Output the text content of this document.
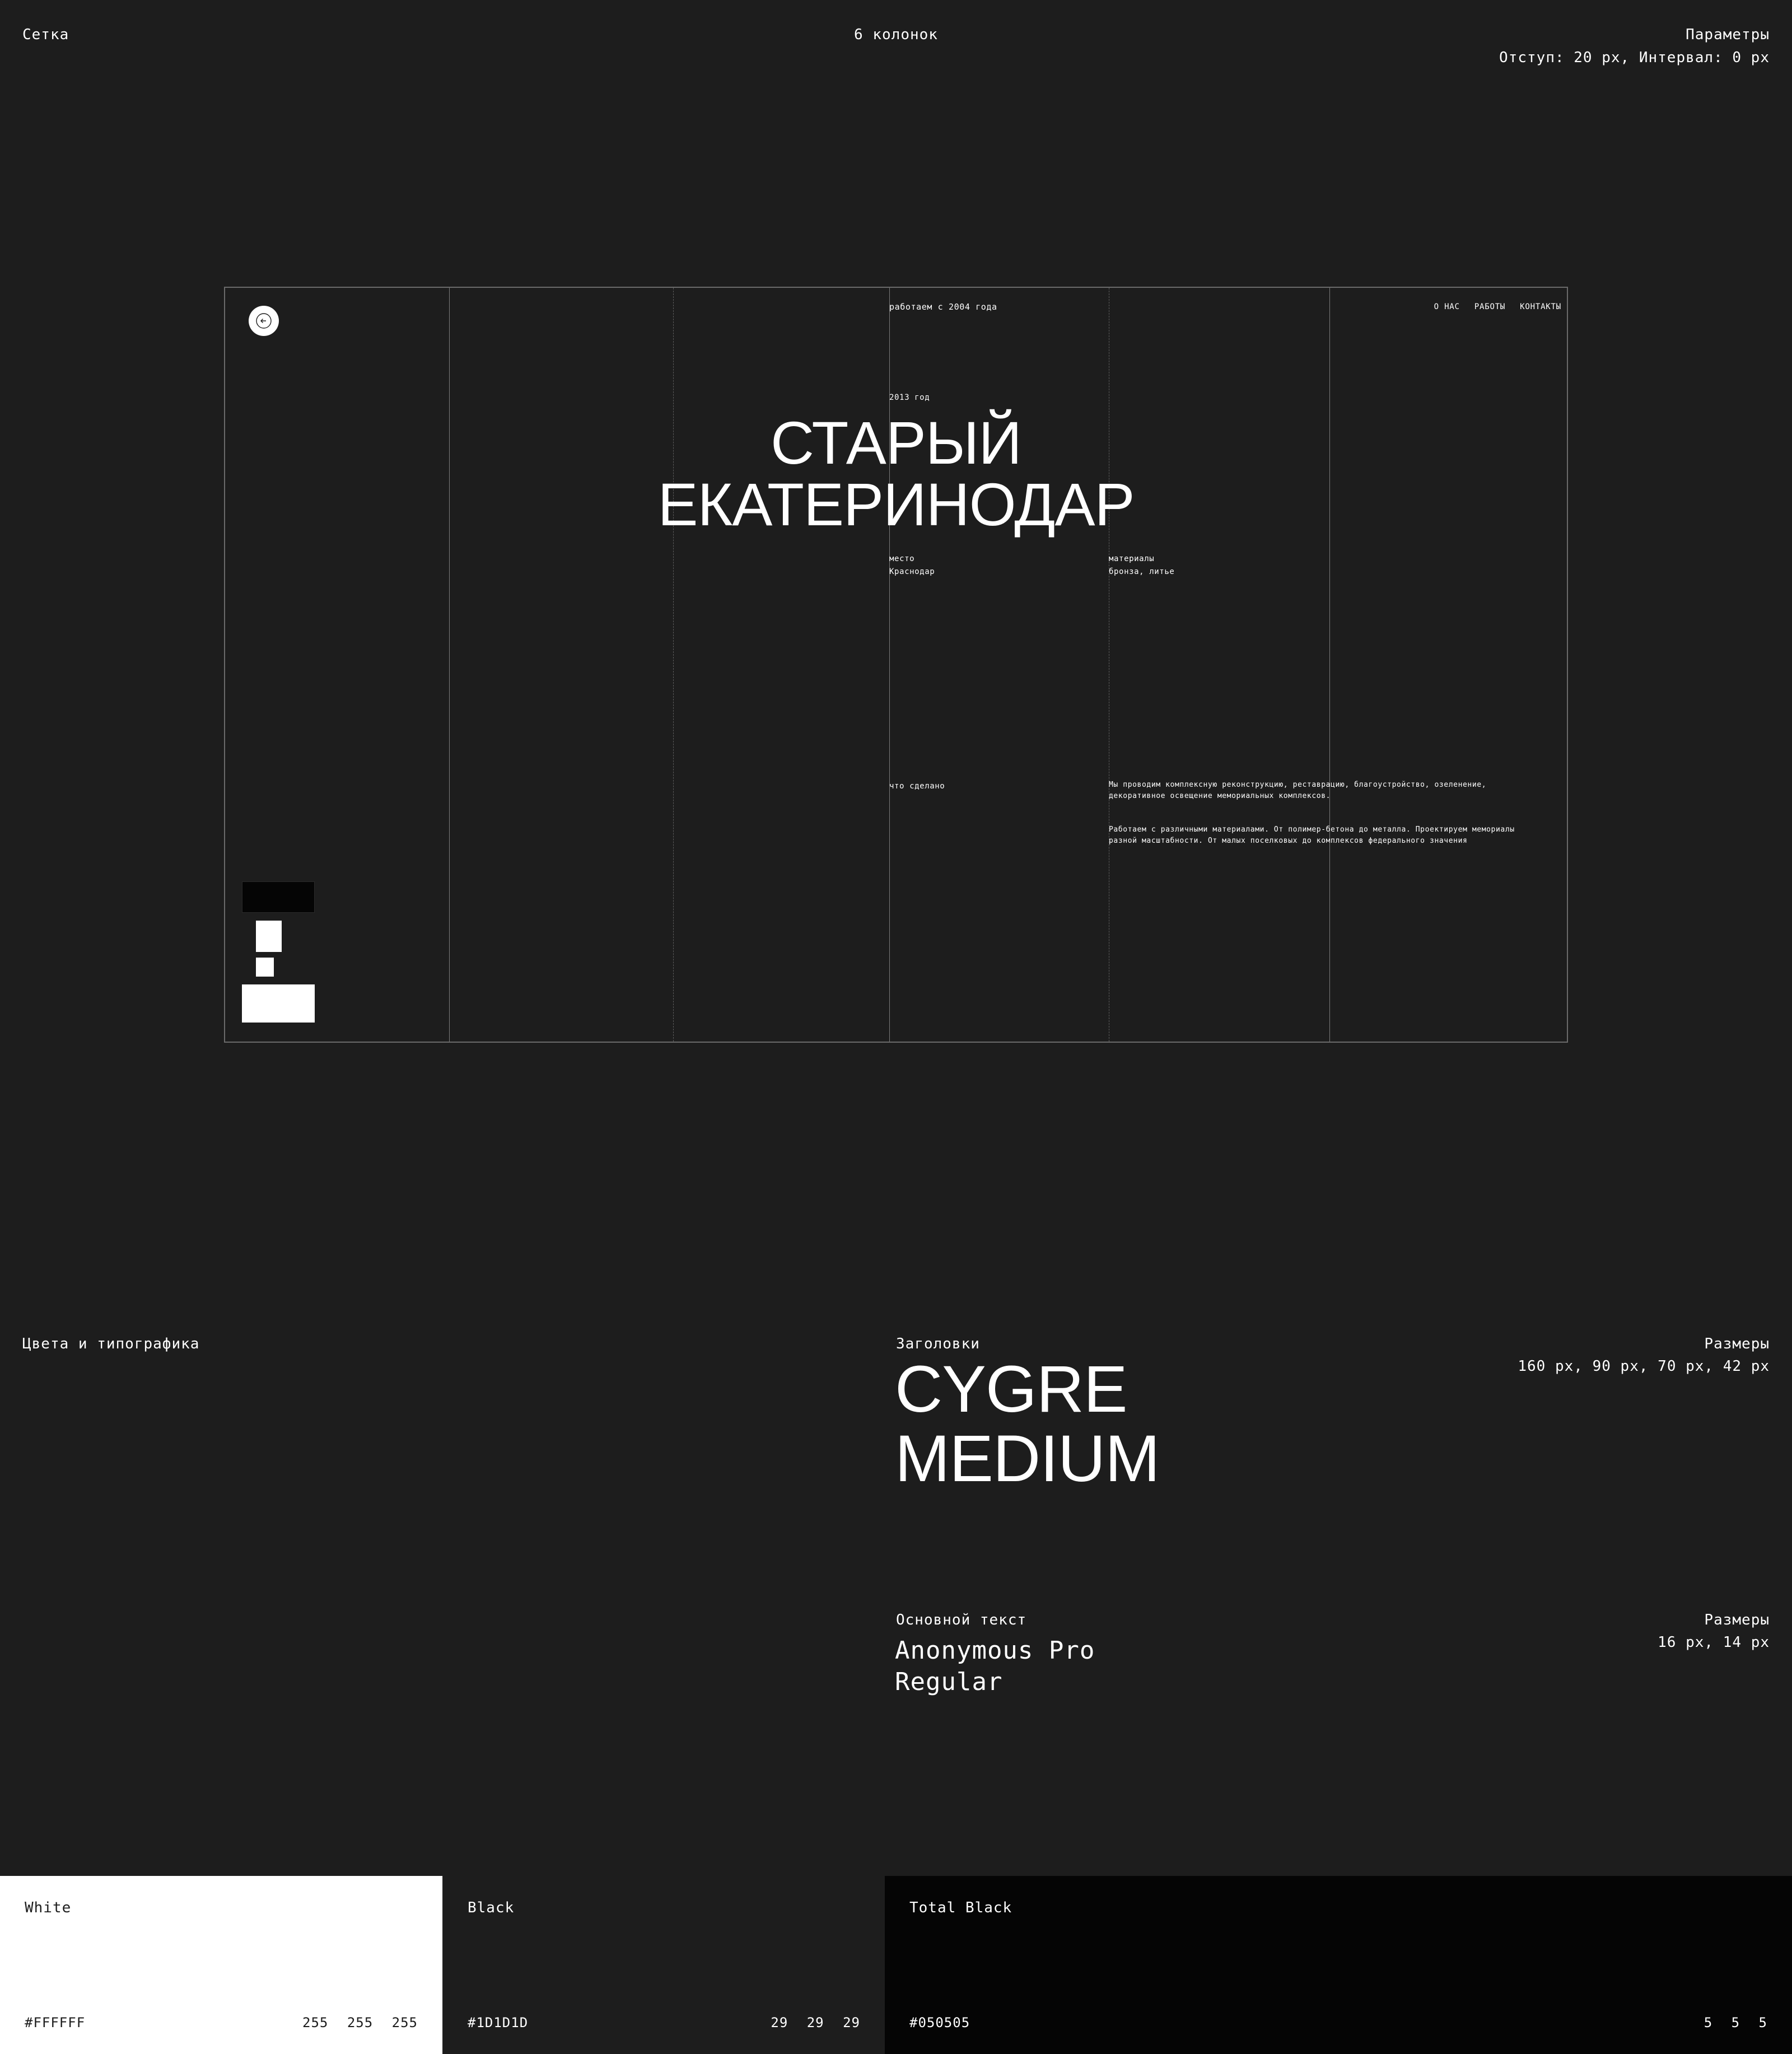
Сетка	6 колонок	Параметры
Отступ: 20 px, Интервал: 0 px
работаем с 2004 года	О НАС РАБОТЫ КОНТАКТЫ
2013 год
СТАРЫЙ
ЕКАТЕРИНОДАР
место
Краснодар
материалы
бронза, литье
что сделано	Мы проводим комплексную реконструкцию, реставрацию, благоустройство, озеленение, декоративное освещение мемориальных комплексов.
Работаем с различными материалами. От полимер-бетона до металла. Проектируем мемориалы разной масштабности. От малых поселковых до комплексов федерального значения
Цвета и типографика	Заголовки	Размеры
160 px, 90 px, 70 px, 42 px
CYGRE
MEDIUM
Основной текст	Размеры
16 px, 14 px
Anonymous Pro
Regular
White
#FFFFFF	255 255 255
Black
#1D1D1D	29 29 29
Total Black
#050505	5 5 5
